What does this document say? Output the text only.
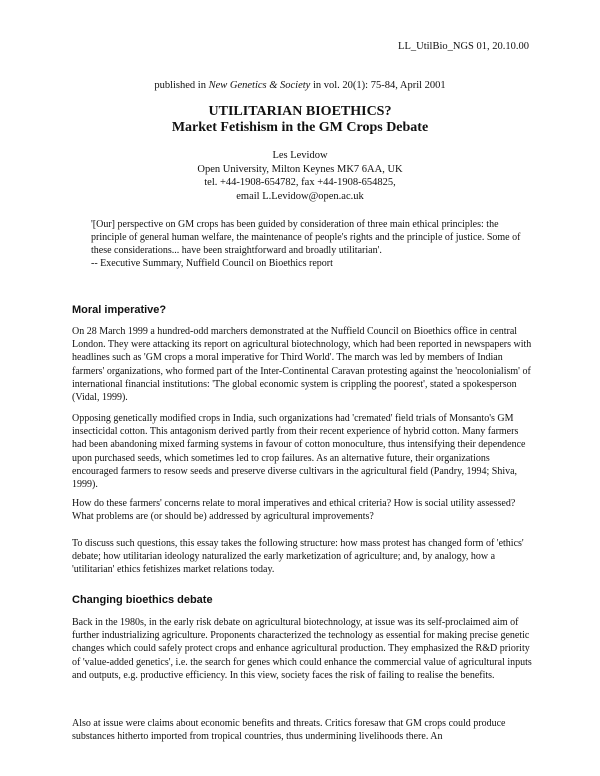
LL_UtilBio_NGS 01, 20.10.00
published in New Genetics & Society in vol. 20(1): 75-84, April 2001
UTILITARIAN BIOETHICS?
Market Fetishism in the GM Crops Debate
Les Levidow
Open University, Milton Keynes MK7 6AA, UK
tel. +44-1908-654782, fax +44-1908-654825,
email L.Levidow@open.ac.uk
'[Our] perspective on GM crops has been guided by consideration of three main ethical principles: the principle of general human welfare, the maintenance of people's rights and the principle of justice. Some of these considerations... have been straightforward and broadly utilitarian'.
-- Executive Summary, Nuffield Council on Bioethics report
Moral imperative?

On 28 March 1999 a hundred-odd marchers demonstrated at the Nuffield Council on Bioethics office in central London. They were attacking its report on agricultural biotechnology, which had been reported in newspapers with headlines such as 'GM crops a moral imperative for Third World'. The march was led by members of Indian farmers' organizations, who formed part of the Inter-Continental Caravan protesting against the 'neocolonialism' of international financial institutions: 'The global economic system is crippling the poorest', stated a spokesperson (Vidal, 1999).

Opposing genetically modified crops in India, such organizations had 'cremated' field trials of Monsanto's GM insecticidal cotton. This antagonism derived partly from their recent experience of hybrid cotton. Many farmers had been abandoning mixed farming systems in favour of cotton monoculture, thus intensifying their dependence upon purchased seeds, which sometimes led to crop failures. As an alternative future, their organizations encouraged farmers to resow seeds and preserve diverse cultivars in the agricultural field (Pandry, 1994; Shiva, 1999).

How do these farmers' concerns relate to moral imperatives and ethical criteria? How is social utility assessed? What problems are (or should be) addressed by agricultural improvements?

To discuss such questions, this essay takes the following structure: how mass protest has changed form of 'ethics' debate; how utilitarian ideology naturalized the early marketization of agriculture; and, by analogy, how a 'utilitarian' ethics fetishizes market relations today.

Changing bioethics debate

Back in the 1980s, in the early risk debate on agricultural biotechnology, at issue was its self-proclaimed aim of further industrializing agriculture. Proponents characterized the technology as essential for making precise genetic changes which could safely protect crops and enhance agricultural production. They emphasized the R&D priority of 'value-added genetics', i.e. the search for genes which could enhance the commercial value of agricultural inputs and outputs, e.g. productive efficiency. In this view, society faces the risk of failing to realise the benefits.

Also at issue were claims about economic benefits and threats. Critics foresaw that GM crops could produce substances hitherto imported from tropical countries, thus undermining livelihoods there. An
